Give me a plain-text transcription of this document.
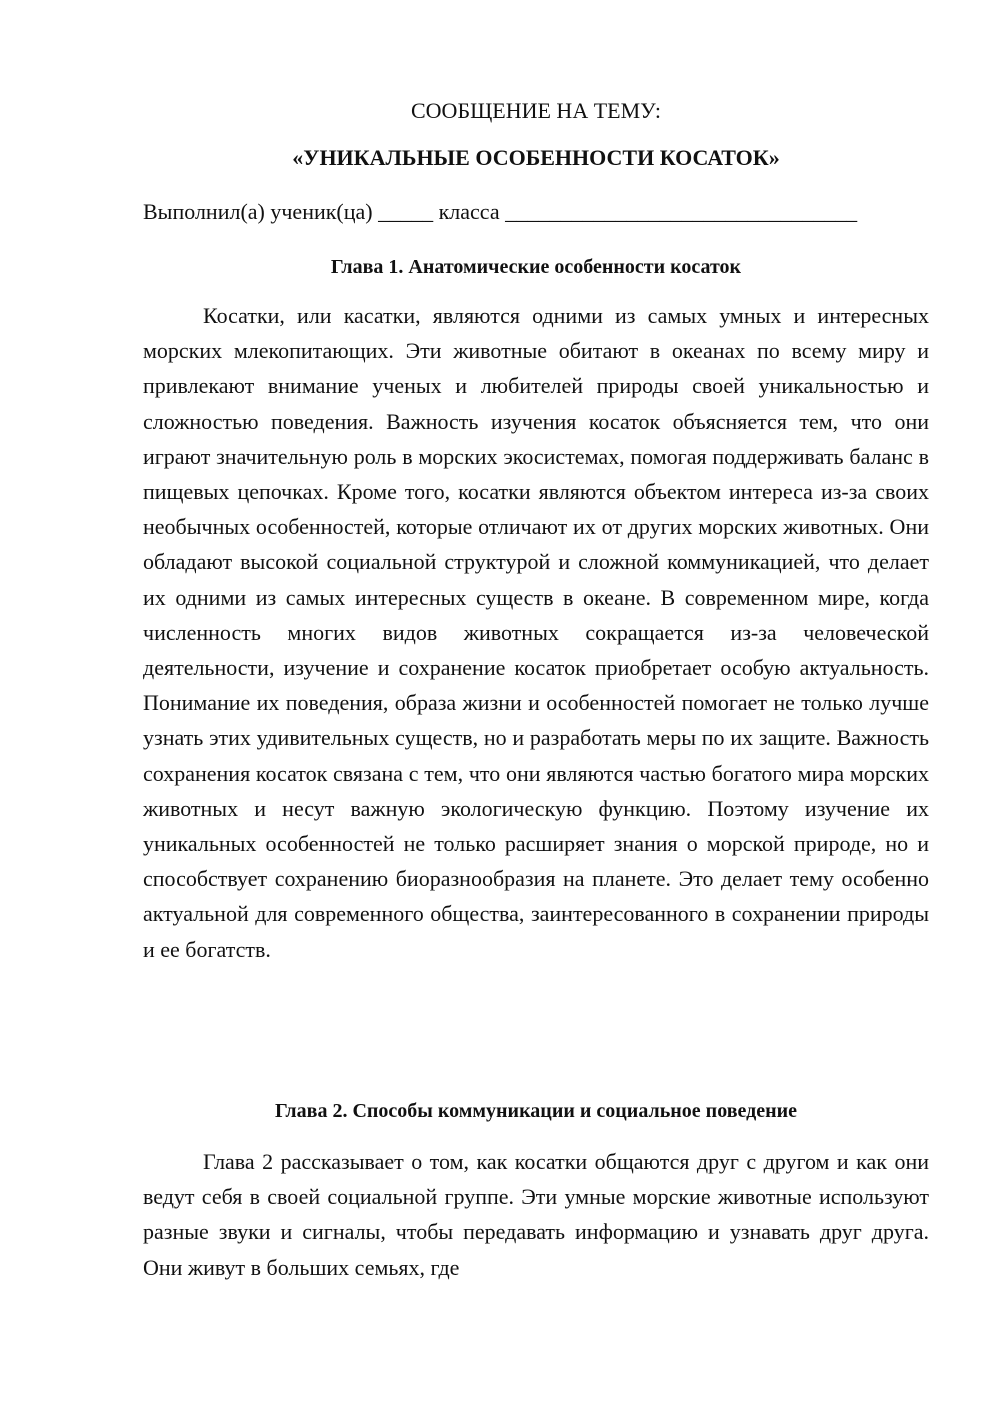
СООБЩЕНИЕ НА ТЕМУ:
«УНИКАЛЬНЫЕ ОСОБЕННОСТИ КОСАТОК»
Выполнил(а) ученик(ца) _____ класса ________________________________
Глава 1. Анатомические особенности косаток

Косатки, или касатки, являются одними из самых умных и интересных морских млекопитающих. Эти животные обитают в океанах по всему миру и привлекают внимание ученых и любителей природы своей уникальностью и сложностью поведения. Важность изучения косаток объясняется тем, что они играют значительную роль в морских экосистемах, помогая поддерживать баланс в пищевых цепочках. Кроме того, косатки являются объектом интереса из-за своих необычных особенностей, которые отличают их от других морских животных. Они обладают высокой социальной структурой и сложной коммуникацией, что делает их одними из самых интересных существ в океане. В современном мире, когда численность многих видов животных сокращается из-за человеческой деятельности, изучение и сохранение косаток приобретает особую актуальность. Понимание их поведения, образа жизни и особенностей помогает не только лучше узнать этих удивительных существ, но и разработать меры по их защите. Важность сохранения косаток связана с тем, что они являются частью богатого мира морских животных и несут важную экологическую функцию. Поэтому изучение их уникальных особенностей не только расширяет знания о морской природе, но и способствует сохранению биоразнообразия на планете. Это делает тему особенно актуальной для современного общества, заинтересованного в сохранении природы и ее богатств.

Глава 2. Способы коммуникации и социальное поведение

Глава 2 рассказывает о том, как косатки общаются друг с другом и как они ведут себя в своей социальной группе. Эти умные морские животные используют разные звуки и сигналы, чтобы передавать информацию и узнавать друг друга. Они живут в больших семьях, где
